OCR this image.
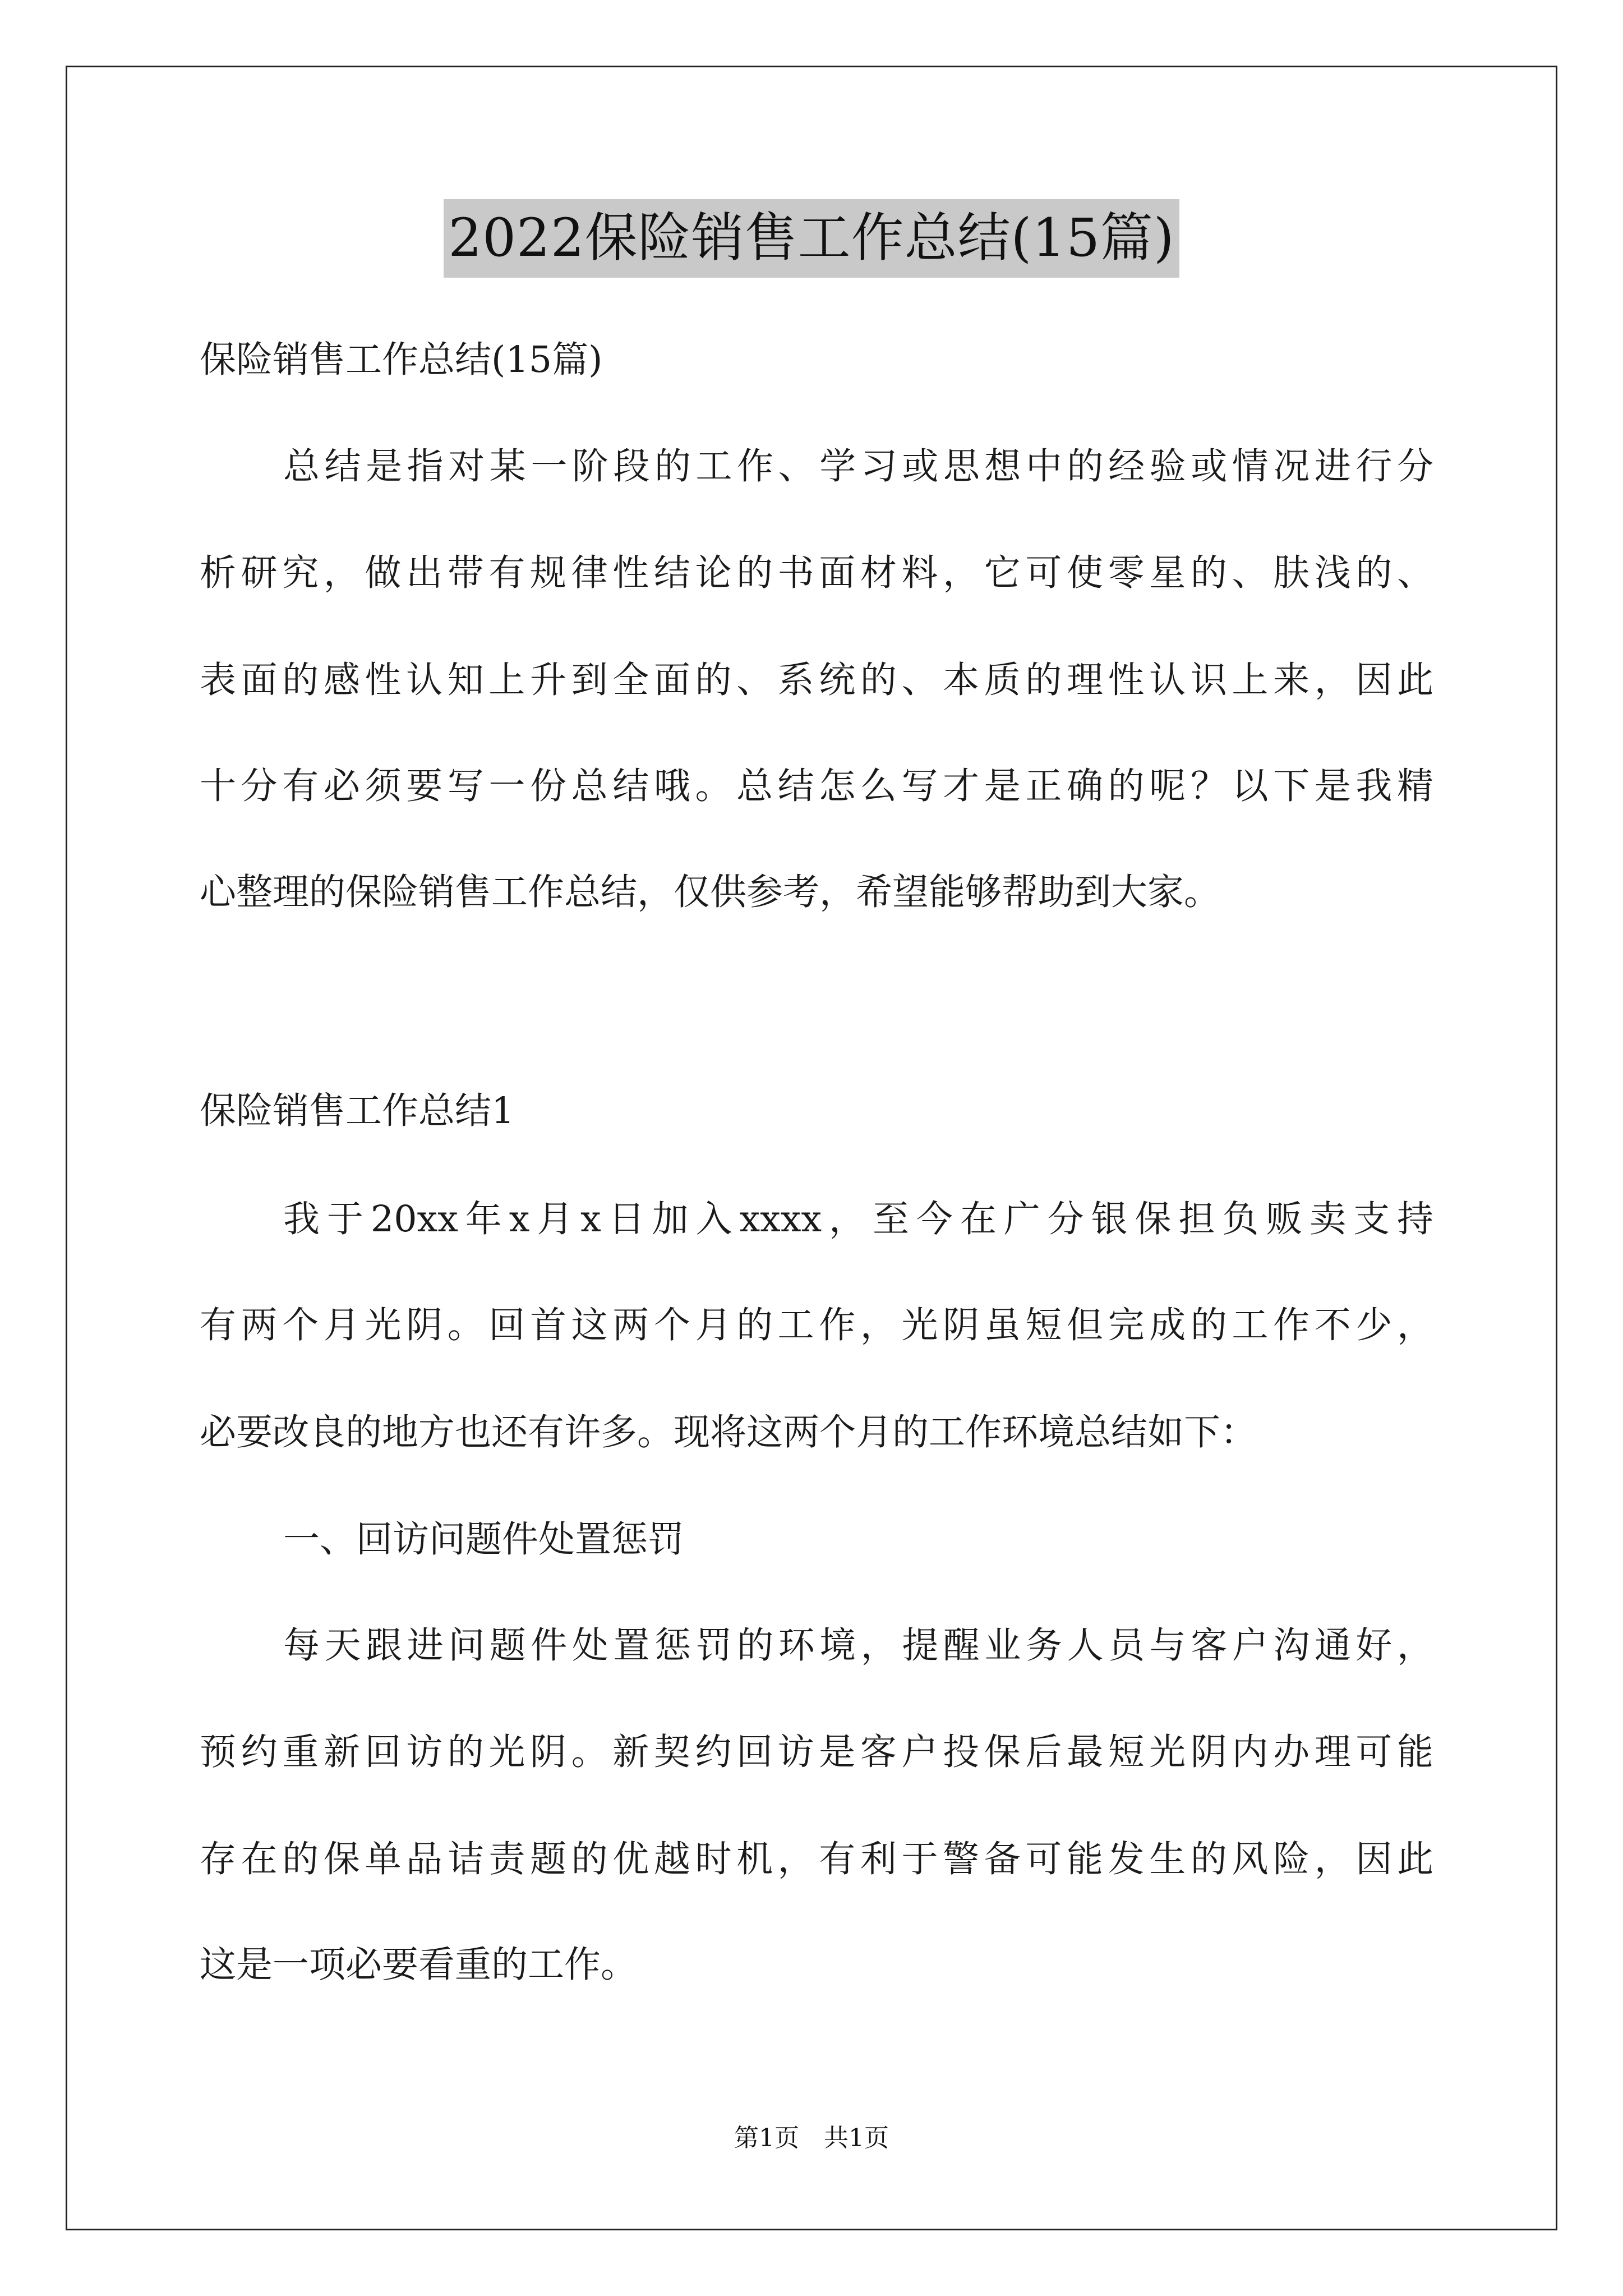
2022保险销售工作总结(15篇)
保险销售工作总结(15篇)
总结是指对某一阶段的工作、学习或思想中的经验或情况进行分
析研究，做出带有规律性结论的书面材料，它可使零星的、肤浅的、
表面的感性认知上升到全面的、系统的、本质的理性认识上来，因此
十分有必须要写一份总结哦。总结怎么写才是正确的呢？以下是我精
心整理的保险销售工作总结，仅供参考，希望能够帮助到大家。
保险销售工作总结1
我于20xx年x月x日加入xxxx，至今在广分银保担负贩卖支持
有两个月光阴。回首这两个月的工作，光阴虽短但完成的工作不少，
必要改良的地方也还有许多。现将这两个月的工作环境总结如下：
一、回访问题件处置惩罚
每天跟进问题件处置惩罚的环境，提醒业务人员与客户沟通好，
预约重新回访的光阴。新契约回访是客户投保后最短光阴内办理可能
存在的保单品诘责题的优越时机，有利于警备可能发生的风险，因此
这是一项必要看重的工作。
第1页　共1页
